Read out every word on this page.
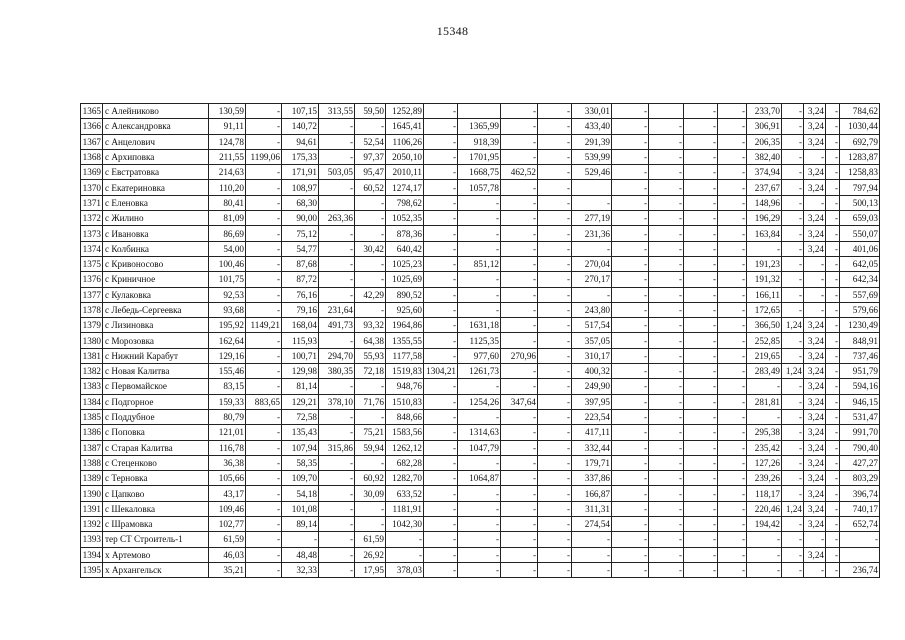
15348
1365	с Алейниково	130,59	-	107,15	313,55	59,50	1252,89	-		-	-	330,01	-		-	-	233,70	-	3,24	-	784,62
1366	с Александровка	91,11	-	140,72	-	-	1645,41	-	1365,99	-	-	433,40	-	-	-	-	306,91	-	3,24	-	1030,44
1367	с Анцелович	124,78	-	94,61	-	52,54	1106,26	-	918,39	-	-	291,39	-	-	-	-	206,35	-	3,24	-	692,79
1368	с Архиповка	211,55	1199,06	175,33	-	97,37	2050,10	-	1701,95	-	-	539,99	-	-	-	-	382,40	-	-	-	1283,87
1369	с Евстратовка	214,63	-	171,91	503,05	95,47	2010,11	-	1668,75	462,52	-	529,46	-	-	-	-	374,94	-	3,24	-	1258,83
1370	с Екатериновка	110,20	-	108,97	-	60,52	1274,17	-	1057,78	-	-		-	-	-	-	237,67	-	3,24	-	797,94
1371	с Еленовка	80,41	-	68,30		-	798,62	-	-	-	-	-	-	-	-	-	148,96	-	-	-	500,13
1372	с Жилино	81,09	-	90,00	263,36	-	1052,35	-	-	-	-	277,19	-	-	-	-	196,29	-	3,24	-	659,03
1373	с Ивановка	86,69	-	75,12	-	-	878,36	-	-	-	-	231,36	-	-	-	-	163,84	-	3,24	-	550,07
1374	с Колбинка	54,00	-	54,77	-	30,42	640,42	-	-	-	-	-	-	-	-	-	-	-	3,24	-	401,06
1375	с Кривоносово	100,46	-	87,68	-	-	1025,23	-	851,12	-	-	270,04	-	-	-	-	191,23	-	-	-	642,05
1376	с Криничное	101,75	-	87,72	-	-	1025,69	-	-	-	-	270,17	-	-	-	-	191,32	-	-	-	642,34
1377	с Кулаковка	92,53	-	76,16	-	42,29	890,52	-	-	-	-	-	-	-	-	-	166,11	-	-	-	557,69
1378	с Лебедь-Сергеевка	93,68	-	79,16	231,64	-	925,60	-	-	-	-	243,80	-	-	-	-	172,65	-	-	-	579,66
1379	с Лизиновка	195,92	1149,21	168,04	491,73	93,32	1964,86	-	1631,18	-	-	517,54	-	-	-	-	366,50	1,24	3,24	-	1230,49
1380	с Морозовка	162,64	-	115,93	-	64,38	1355,55	-	1125,35	-	-	357,05	-	-	-	-	252,85	-	3,24	-	848,91
1381	с Нижний Карабут	129,16	-	100,71	294,70	55,93	1177,58	-	977,60	270,96	-	310,17	-	-	-	-	219,65	-	3,24	-	737,46
1382	с Новая Калитва	155,46	-	129,98	380,35	72,18	1519,83	1304,21	1261,73	-	-	400,32	-	-	-	-	283,49	1,24	3,24	-	951,79
1383	с Первомайское	83,15	-	81,14	-	-	948,76	-	-	-	-	249,90	-	-	-	-	-	-	3,24	-	594,16
1384	с Подгорное	159,33	883,65	129,21	378,10	71,76	1510,83	-	1254,26	347,64	-	397,95	-	-	-	-	281,81	-	3,24	-	946,15
1385	с Поддубное	80,79	-	72,58	-	-	848,66	-	-	-	-	223,54	-	-	-	-	-	-	3,24	-	531,47
1386	с Поповка	121,01	-	135,43	-	75,21	1583,56	-	1314,63	-	-	417,11	-	-	-	-	295,38	-	3,24	-	991,70
1387	с Старая Калитва	116,78	-	107,94	315,86	59,94	1262,12	-	1047,79	-	-	332,44	-	-	-	-	235,42	-	3,24	-	790,40
1388	с Стеценково	36,38	-	58,35	-	-	682,28	-	-	-	-	179,71	-	-	-	-	127,26	-	3,24	-	427,27
1389	с Терновка	105,66	-	109,70	-	60,92	1282,70	-	1064,87	-	-	337,86	-	-	-	-	239,26	-	3,24	-	803,29
1390	с Цапково	43,17	-	54,18	-	30,09	633,52	-	-	-	-	166,87	-	-	-	-	118,17	-	3,24	-	396,74
1391	с Шекаловка	109,46	-	101,08	-	-	1181,91	-	-	-	-	311,31	-	-	-	-	220,46	1,24	3,24	-	740,17
1392	с Шрамовка	102,77	-	89,14	-	-	1042,30	-	-	-	-	274,54	-	-	-	-	194,42	-	3,24	-	652,74
1393	тер СТ Строитель-1	61,59	-	-	-	61,59	-	-	-	-	-	-	-	-	-	-	-	-	-	-	-
1394	х Артемово	46,03	-	48,48	-	26,92	-	-	-	-	-	-	-	-	-	-	-	-	3,24	-	
1395	х Архангельск	35,21	-	32,33	-	17,95	378,03	-	-	-	-	-	-	-	-	-	-	-	-	-	236,74
